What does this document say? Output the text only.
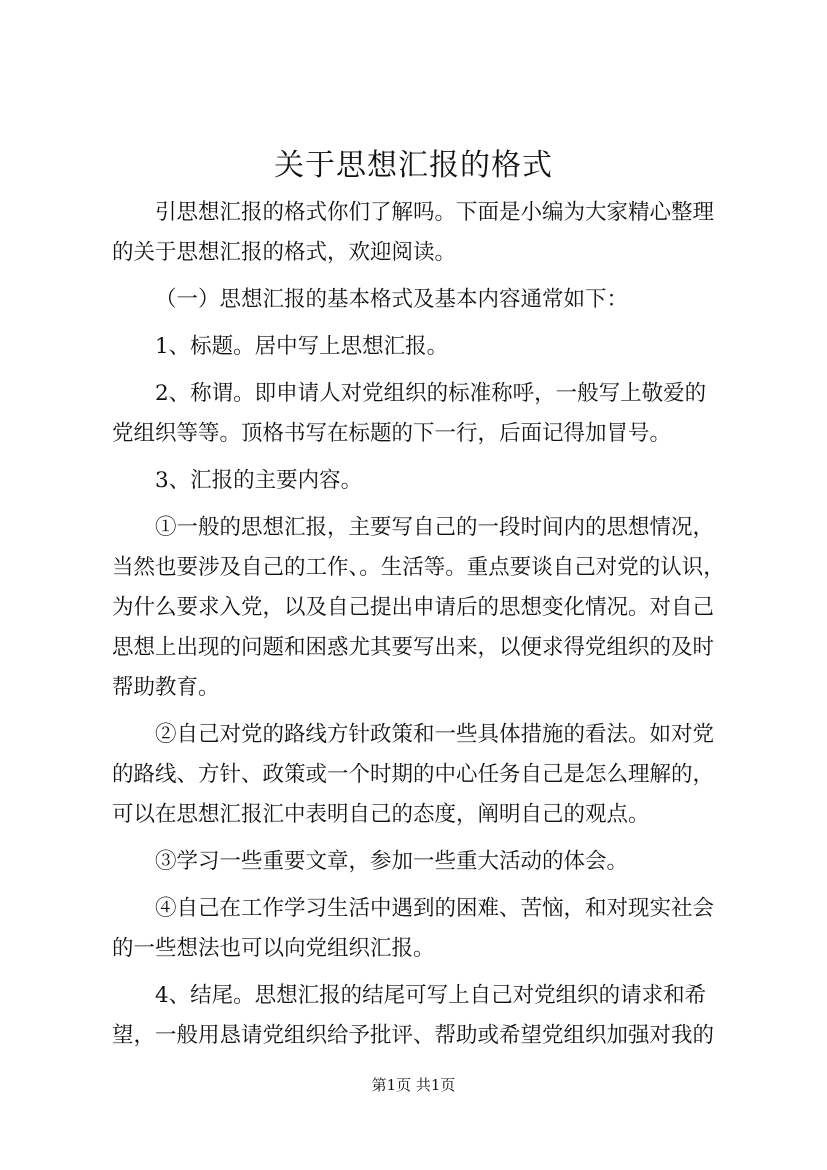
关于思想汇报的格式
引思想汇报的格式你们了解吗。下面是小编为大家精心整理
的关于思想汇报的格式，欢迎阅读。
（一）思想汇报的基本格式及基本内容通常如下：
1、标题。居中写上思想汇报。
2、称谓。即申请人对党组织的标准称呼，一般写上敬爱的
党组织等等。顶格书写在标题的下一行，后面记得加冒号。
3、汇报的主要内容。
①一般的思想汇报，主要写自己的一段时间内的思想情况，
当然也要涉及自己的工作、。生活等。重点要谈自己对党的认识，
为什么要求入党，以及自己提出申请后的思想变化情况。对自己
思想上出现的问题和困惑尤其要写出来，以便求得党组织的及时
帮助教育。
②自己对党的路线方针政策和一些具体措施的看法。如对党
的路线、方针、政策或一个时期的中心任务自己是怎么理解的，
可以在思想汇报汇中表明自己的态度，阐明自己的观点。
③学习一些重要文章，参加一些重大活动的体会。
④自己在工作学习生活中遇到的困难、苦恼，和对现实社会
的一些想法也可以向党组织汇报。
4、结尾。思想汇报的结尾可写上自己对党组织的请求和希
望，一般用恳请党组织给予批评、帮助或希望党组织加强对我的
第1页 共1页
